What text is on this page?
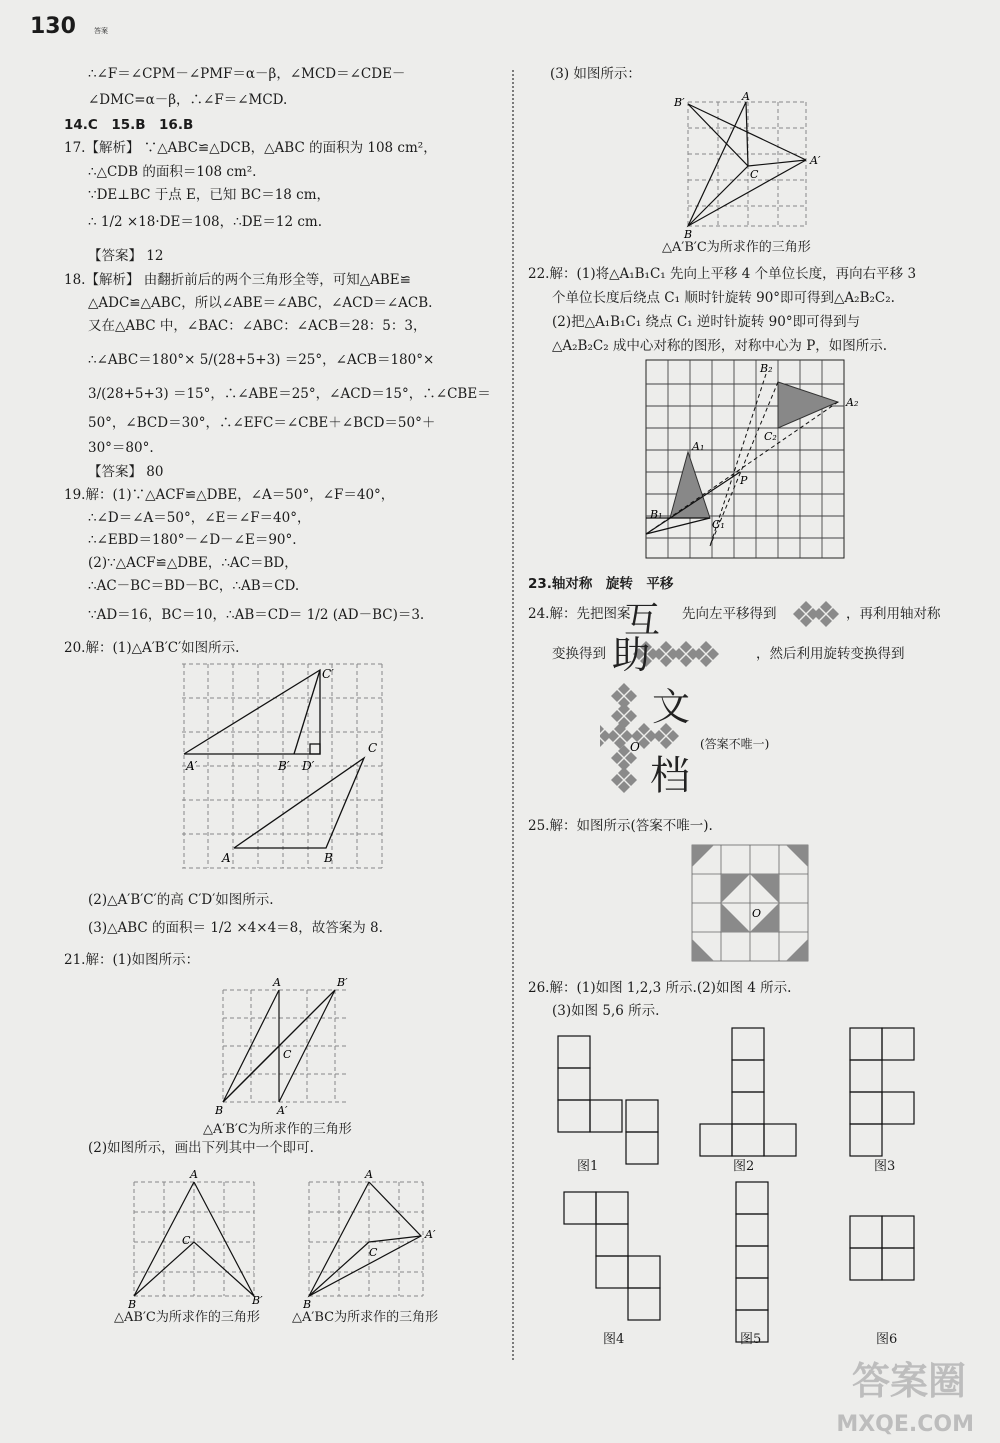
130	答案
∴∠F＝∠CPM－∠PMF＝α－β，∠MCD＝∠CDE－
∠DMC=α－β，∴∠F＝∠MCD.
14.C　15.B　16.B
17.【解析】 ∵△ABC≌△DCB，△ABC 的面积为 108 cm²，
∴△CDB 的面积＝108 cm².
∵DE⊥BC 于点 E，已知 BC＝18 cm，
∴ 1/2 ×18·DE＝108，∴DE＝12 cm.
【答案】 12
18.【解析】 由翻折前后的两个三角形全等，可知△ABE≌
△ADC≌△ABC，所以∠ABE＝∠ABC，∠ACD＝∠ACB.
又在△ABC 中，∠BAC：∠ABC：∠ACB＝28：5：3，
∴∠ABC＝180°× 5/(28+5+3) ＝25°，∠ACB＝180°×
3/(28+5+3) ＝15°，∴∠ABE＝25°，∠ACD＝15°，∴∠CBE＝
50°，∠BCD＝30°，∴∠EFC＝∠CBE＋∠BCD＝50°＋
30°＝80°.
【答案】 80
19.解：(1)∵△ACF≌△DBE，∠A＝50°，∠F＝40°，
∴∠D＝∠A＝50°，∠E＝∠F＝40°，
∴∠EBD＝180°－∠D－∠E＝90°.
(2)∵△ACF≌△DBE，∴AC＝BD，
∴AC－BC＝BD－BC，∴AB＝CD.
∵AD＝16，BC＝10，∴AB＝CD＝ 1/2 (AD－BC)＝3.
20.解：(1)△A′B′C′如图所示.
(2)△A′B′C′的高 C′D′如图所示.
(3)△ABC 的面积＝ 1/2 ×4×4＝8，故答案为 8.
21.解：(1)如图所示：
(2)如图所示，画出下列其中一个即可.
C′
A′	B′ D′
C
A	B
A	B′
C
B	A′
△A′B′C为所求作的三角形
A
C
B	B′
A
C
B
A′
△AB′C为所求作的三角形 △A′BC为所求作的三角形
(3) 如图所示：
B′	A
C
A′
B
△A′B′C为所求作的三角形
22.解：(1)将△A₁B₁C₁ 先向上平移 4 个单位长度，再向右平移 3
个单位长度后绕点 C₁ 顺时针旋转 90°即可得到△A₂B₂C₂.
(2)把△A₁B₁C₁ 绕点 C₁ 逆时针旋转 90°即可得到与
△A₂B₂C₂ 成中心对称的图形，对称中心为 P，如图所示.
B₂
A₂
C₂
A₁
P
B₁
C₁
23.轴对称　旋转　平移
24.解：先把图案	先向左平移得到	，再利用轴对称
变换得到	，然后利用旋转变换得到
O	(答案不唯一)
互
助
文
档
25.解：如图所示(答案不唯一).
O
26.解：(1)如图 1,2,3 所示.(2)如图 4 所示.
(3)如图 5,6 所示.
图1	图2	图3
图4	图5	图6
答案圈
MXQE.COM
